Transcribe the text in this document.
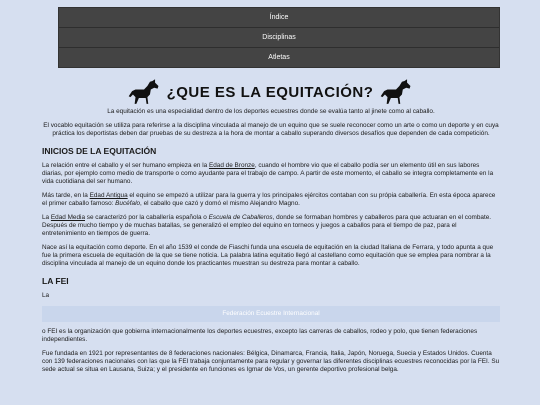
Índice
Disciplinas
Atletas
¿QUE ES LA EQUITACIÓN?

La equitación es una especialidad dentro de los deportes ecuestres donde se evalúa tanto al jinete como al caballo.

El vocablo equitación se utiliza para referirse a la disciplina vinculada al manejo de un equino que se suele reconocer como un arte o como un deporte y en cuya práctica los deportistas deben dar pruebas de su destreza a la hora de montar a caballo superando diversos desafíos que dependen de cada competición.

INICIOS DE LA EQUITACIÓN

La relación entre el caballo y el ser humano empieza en la Edad de Bronze, cuando el hombre vio que el caballo podía ser un elemento útil en sus labores diarias, por ejemplo como medio de transporte o como ayudante para el trabajo de campo. A partir de este momento, el caballo se integra completamente en la vida cuotidiana del ser humano.

Más tarde, en la Edad Antigua el equino se empezó a utilizar para la guerra y los principales ejércitos contaban con su própia caballería. En esta época aparece el primer caballo famoso: Bucéfalo, el caballo que cazó y domó el mismo Alejandro Magno.

La Edad Media se caracterizó por la caballería española o Escuela de Caballeros, donde se formaban hombres y caballeros para que actuaran en el combate. Después de mucho tiempo y de muchas batallas, se generalizó el empleo del equino en torneos y juegos a caballos para el tiempo de paz, para el entretenimiento en tiempos de guerra.

Nace así la equitación como deporte. En el año 1539 el conde de Fiaschi funda una escuela de equitación en la ciudad Italiana de Ferrara, y todo apunta a que fue la primera escuela de equitación de la que se tiene noticia. La palabra latina equitatio llegó al castellano como equitación que se emplea para nombrar a la disciplina vinculada al manejo de un equino donde los practicantes muestran su destreza para montar a caballo.

LA FEI

La

Federación Ecuestre Internacional

o FEI es la organización que gobierna internacionalmente los deportes ecuestres, excepto las carreras de caballos, rodeo y polo, que tienen federaciones independientes.

Fue fundada en 1921 por representantes de 8 federaciones nacionales: Bélgica, Dinamarca, Francia, Italia, Japón, Noruega, Suecia y Estados Unidos. Cuenta con 139 federaciones nacionales con las que la FEI trabaja conjuntamente para regular y governar las diferentes disciplinas ecuestres reconocidas por la FEI. Su sede actual se situa en Lausana, Suiza; y el presidente en funciones es Igmar de Vos, un gerente deportivo profesional belga.
